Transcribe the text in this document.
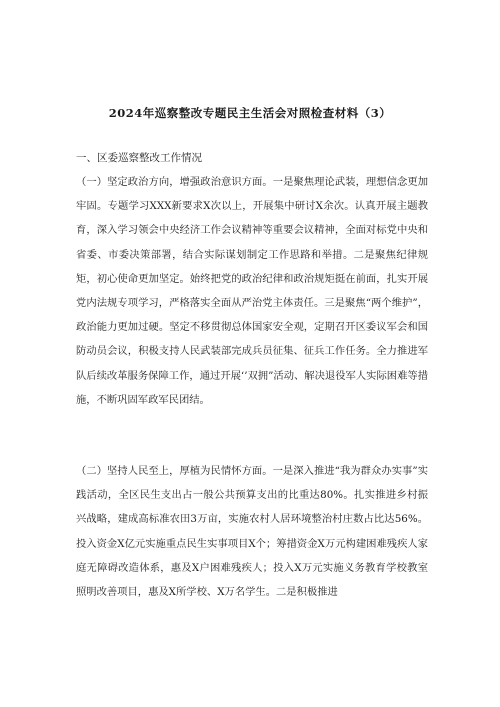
2024年巡察整改专题民主生活会对照检查材料（3）
一、区委巡察整改工作情况

（一）坚定政治方向，增强政治意识方面。一是聚焦理论武装，理想信念更加牢固。专题学习XXX新要求X次以上，开展集中研讨X余次。认真开展主题教育，深入学习领会中央经济工作会议精神等重要会议精神，全面对标党中央和省委、市委决策部署，结合实际谋划制定工作思路和举措。二是聚焦纪律规矩，初心使命更加坚定。始终把党的政治纪律和政治规矩挺在前面，扎实开展党内法规专项学习，严格落实全面从严治党主体责任。三是聚焦“两个维护”，政治能力更加过硬。坚定不移贯彻总体国家安全观，定期召开区委议军会和国防动员会议，积极支持人民武装部完成兵员征集、征兵工作任务。全力推进军队后续改革服务保障工作，通过开展‘’双拥”活动、解决退役军人实际困难等措施，不断巩固军政军民团结。

（二）坚持人民至上，厚植为民情怀方面。一是深入推进“我为群众办实事”实践活动，全区民生支出占一般公共预算支出的比重达80%。扎实推进乡村振兴战略，建成高标准农田3万亩，实施农村人居环境整治村庄数占比达56%。投入资金X亿元实施重点民生实事项目X个；筹措资金X万元构建困难残疾人家庭无障碍改造体系，惠及X户困难残疾人；投入X万元实施义务教育学校教室照明改善项目，惠及X所学校、X万名学生。二是积极推进
